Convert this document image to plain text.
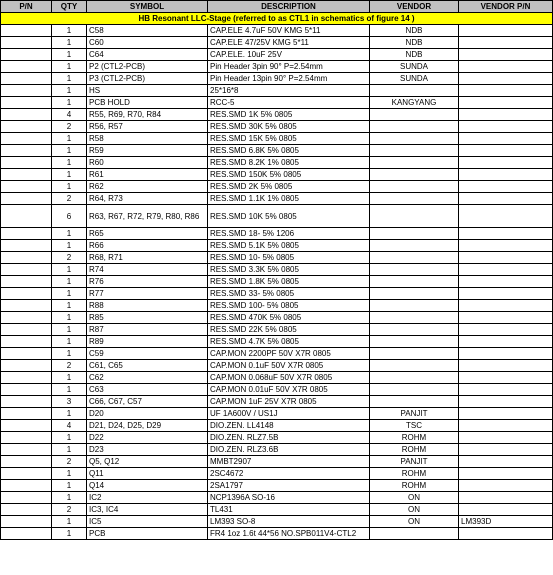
P/N	QTY	SYMBOL	DESCRIPTION	VENDOR	VENDOR P/N
HB Resonant LLC-Stage (referred to as CTL1 in schematics of figure 14 )					
	1	C58	CAP.ELE 4.7uF 50V KMG 5*11	NDB	
	1	C60	CAP.ELE 47/25V KMG 5*11	NDB	
	1	C64	CAP.ELE. 10uF 25V	NDB	
	1	P2 (CTL2-PCB)	Pin Header 3pin 90° P=2.54mm	SUNDA	
	1	P3 (CTL2-PCB)	Pin Header 13pin 90° P=2.54mm	SUNDA	
	1	HS	25*16*8		
	1	PCB HOLD	RCC-5	KANGYANG	
	4	R55, R69, R70, R84	RES.SMD 1K 5% 0805		
	2	R56, R57	RES.SMD 30K 5% 0805		
	1	R58	RES.SMD 15K 5% 0805		
	1	R59	RES.SMD 6.8K 5% 0805		
	1	R60	RES.SMD 8.2K 1% 0805		
	1	R61	RES.SMD 150K 5% 0805		
	1	R62	RES.SMD 2K 5% 0805		
	2	R64, R73	RES.SMD 1.1K 1% 0805		
	6	R63, R67, R72, R79, R80, R86	RES.SMD 10K 5% 0805		
	1	R65	RES.SMD 18- 5% 1206		
	1	R66	RES.SMD 5.1K 5% 0805		
	2	R68, R71	RES.SMD 10- 5% 0805		
	1	R74	RES.SMD 3.3K 5% 0805		
	1	R76	RES.SMD 1.8K 5% 0805		
	1	R77	RES.SMD 33- 5% 0805		
	1	R88	RES.SMD 100- 5% 0805		
	1	R85	RES.SMD 470K 5% 0805		
	1	R87	RES.SMD 22K 5% 0805		
	1	R89	RES.SMD 4.7K 5% 0805		
	1	C59	CAP.MON 2200PF 50V X7R 0805		
	2	C61, C65	CAP.MON 0.1uF 50V X7R 0805		
	1	C62	CAP.MON 0.068uF 50V X7R 0805		
	1	C63	CAP.MON 0.01uF 50V X7R 0805		
	3	C66, C67, C57	CAP.MON 1uF 25V X7R 0805		
	1	D20	UF 1A600V / US1J	PANJIT	
	4	D21, D24, D25, D29	DIO.ZEN. LL4148	TSC	
	1	D22	DIO.ZEN. RLZ7.5B	ROHM	
	1	D23	DIO.ZEN. RLZ3.6B	ROHM	
	2	Q5, Q12	MMBT2907	PANJIT	
	1	Q11	2SC4672	ROHM	
	1	Q14	2SA1797	ROHM	
	1	IC2	NCP1396A SO-16	ON	
	2	IC3, IC4	TL431	ON	
	1	IC5	LM393 SO-8	ON	LM393D
	1	PCB	FR4 1oz 1.6t 44*56 NO.SPB011V4-CTL2		
